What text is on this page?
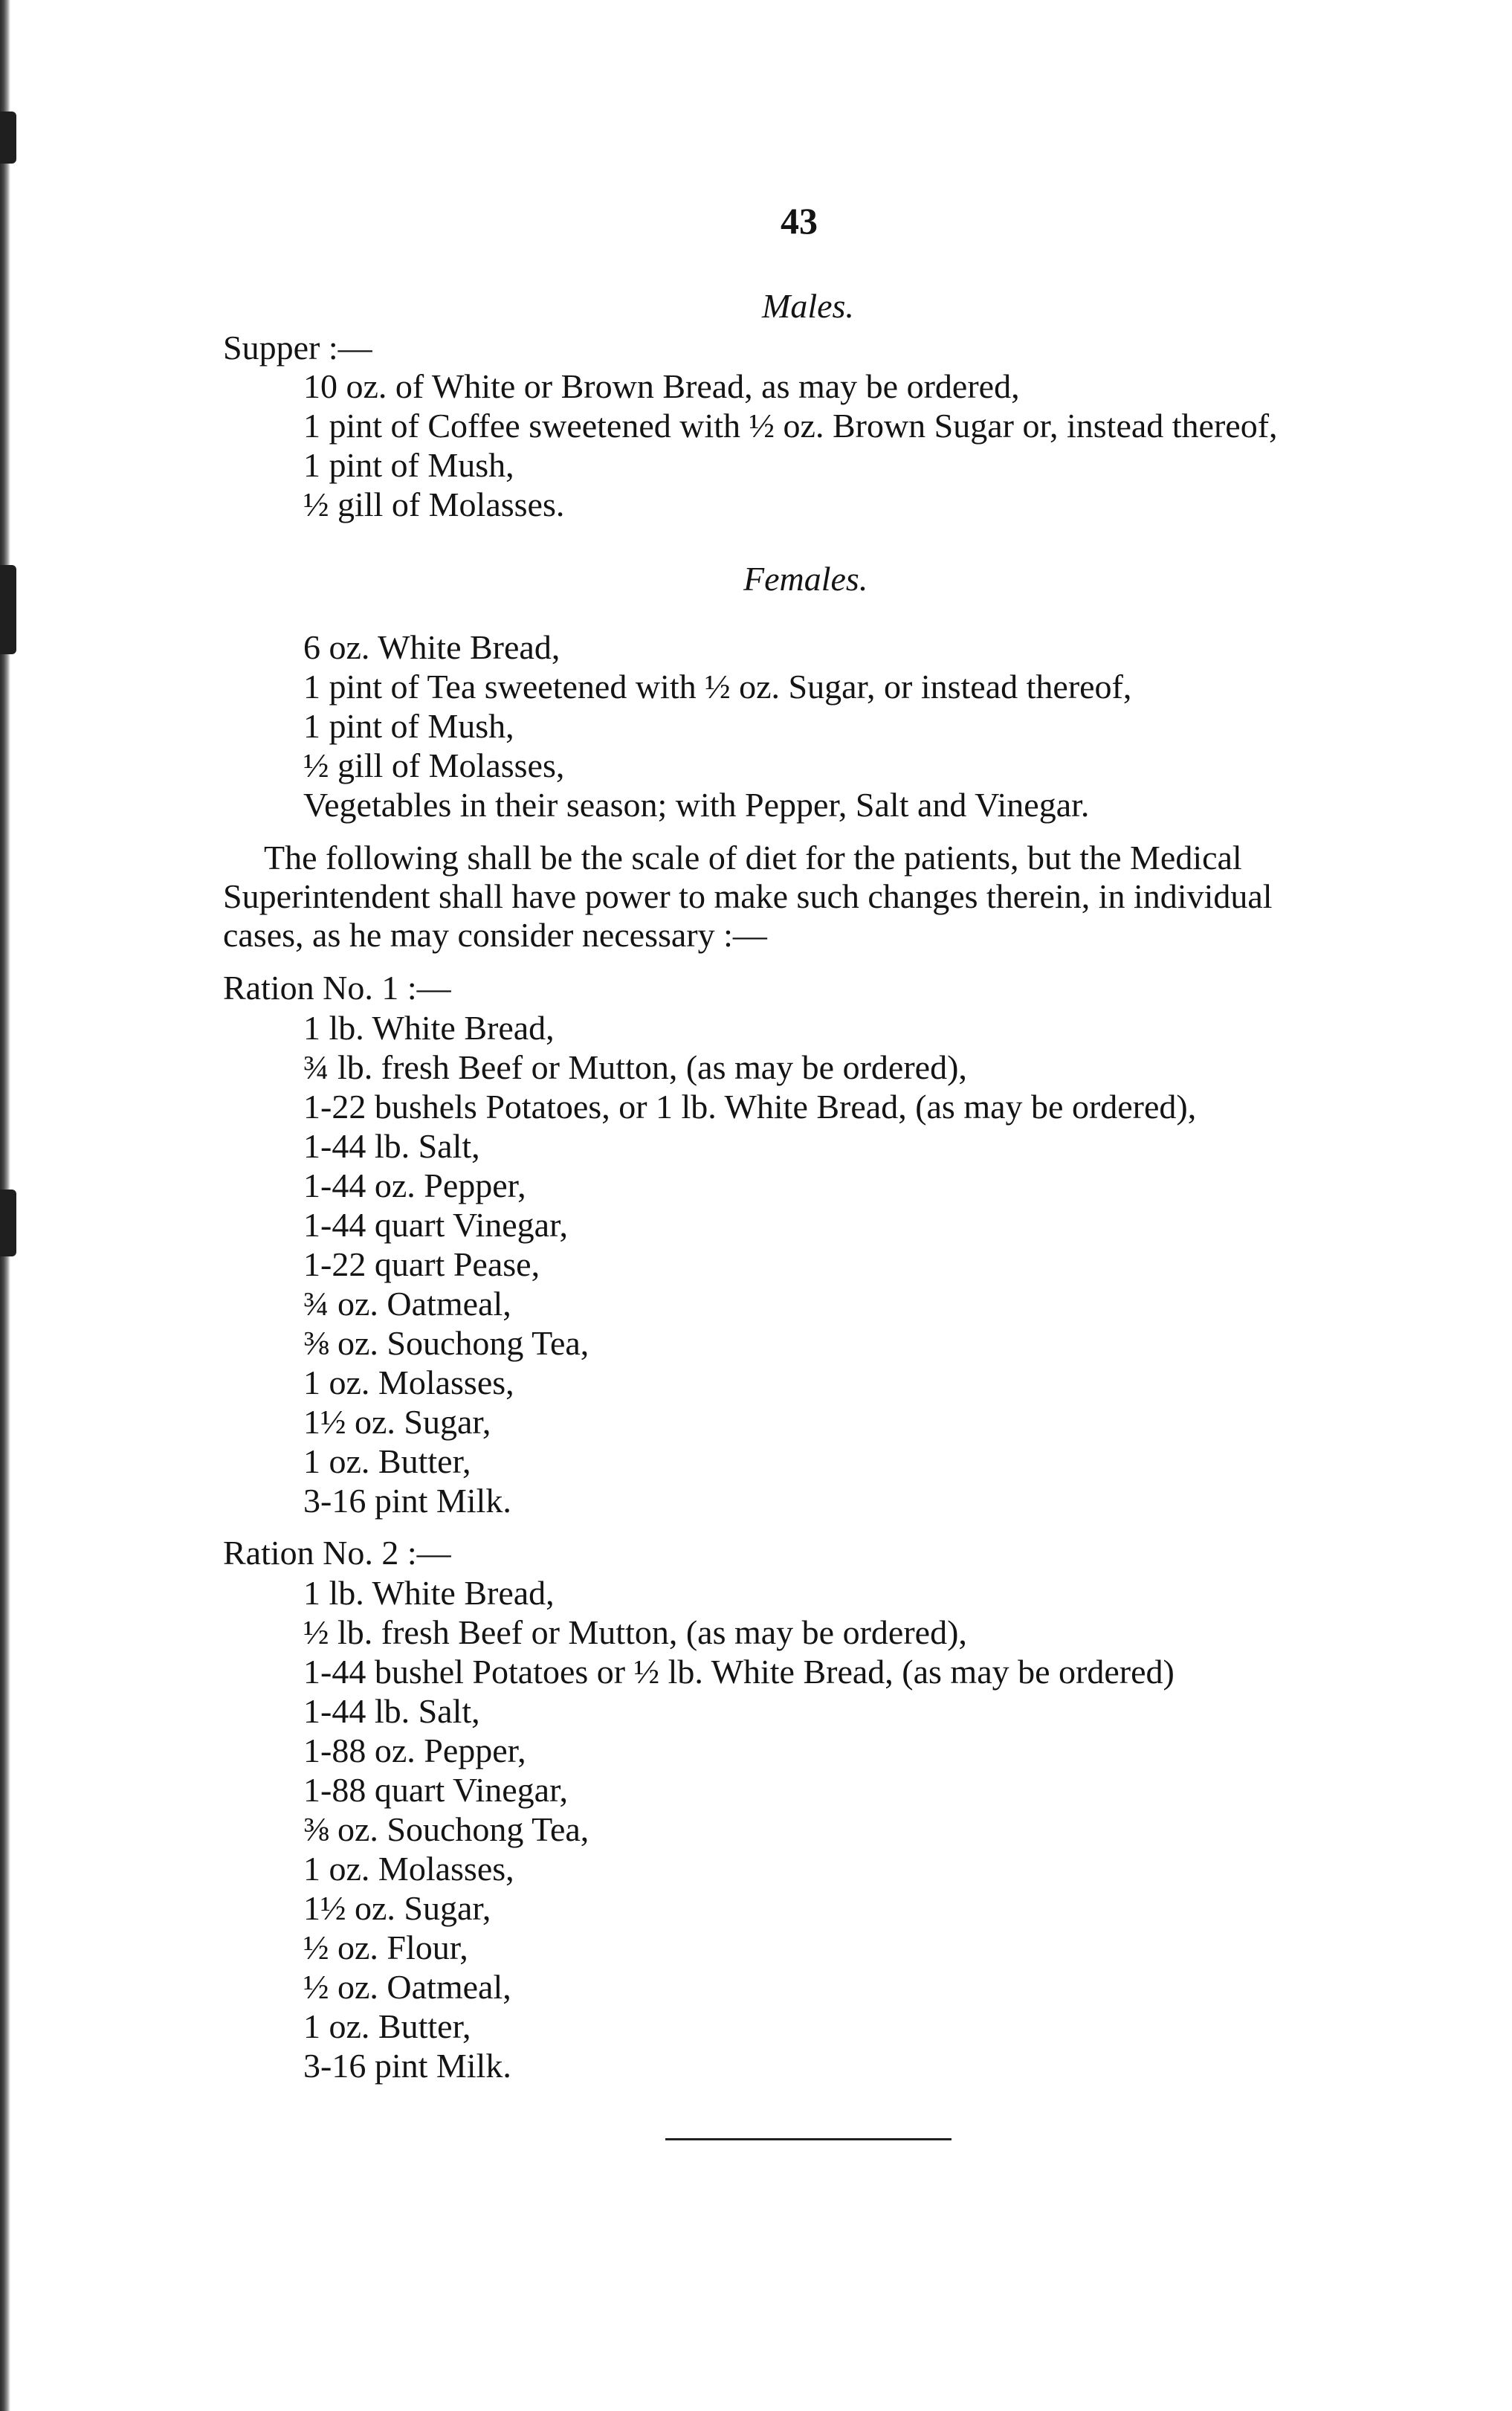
43
Males.
Supper :—
10 oz. of White or Brown Bread, as may be ordered,
1 pint of Coffee sweetened with ½ oz. Brown Sugar or, instead thereof,
1 pint of Mush,
½ gill of Molasses.
Females.
6 oz. White Bread,
1 pint of Tea sweetened with ½ oz. Sugar, or instead thereof,
1 pint of Mush,
½ gill of Molasses,
Vegetables in their season; with Pepper, Salt and Vinegar.
The following shall be the scale of diet for the patients, but the Medical
Superintendent shall have power to make such changes therein, in individual
cases, as he may consider necessary :—
Ration No. 1 :—
1 lb. White Bread,
¾ lb. fresh Beef or Mutton, (as may be ordered),
1-22 bushels Potatoes, or 1 lb. White Bread, (as may be ordered),
1-44 lb. Salt,
1-44 oz. Pepper,
1-44 quart Vinegar,
1-22 quart Pease,
¾ oz. Oatmeal,
⅜ oz. Souchong Tea,
1 oz. Molasses,
1½ oz. Sugar,
1 oz. Butter,
3-16 pint Milk.
Ration No. 2 :—
1 lb. White Bread,
½ lb. fresh Beef or Mutton, (as may be ordered),
1-44 bushel Potatoes or ½ lb. White Bread, (as may be ordered)
1-44 lb. Salt,
1-88 oz. Pepper,
1-88 quart Vinegar,
⅜ oz. Souchong Tea,
1 oz. Molasses,
1½ oz. Sugar,
½ oz. Flour,
½ oz. Oatmeal,
1 oz. Butter,
3-16 pint Milk.
